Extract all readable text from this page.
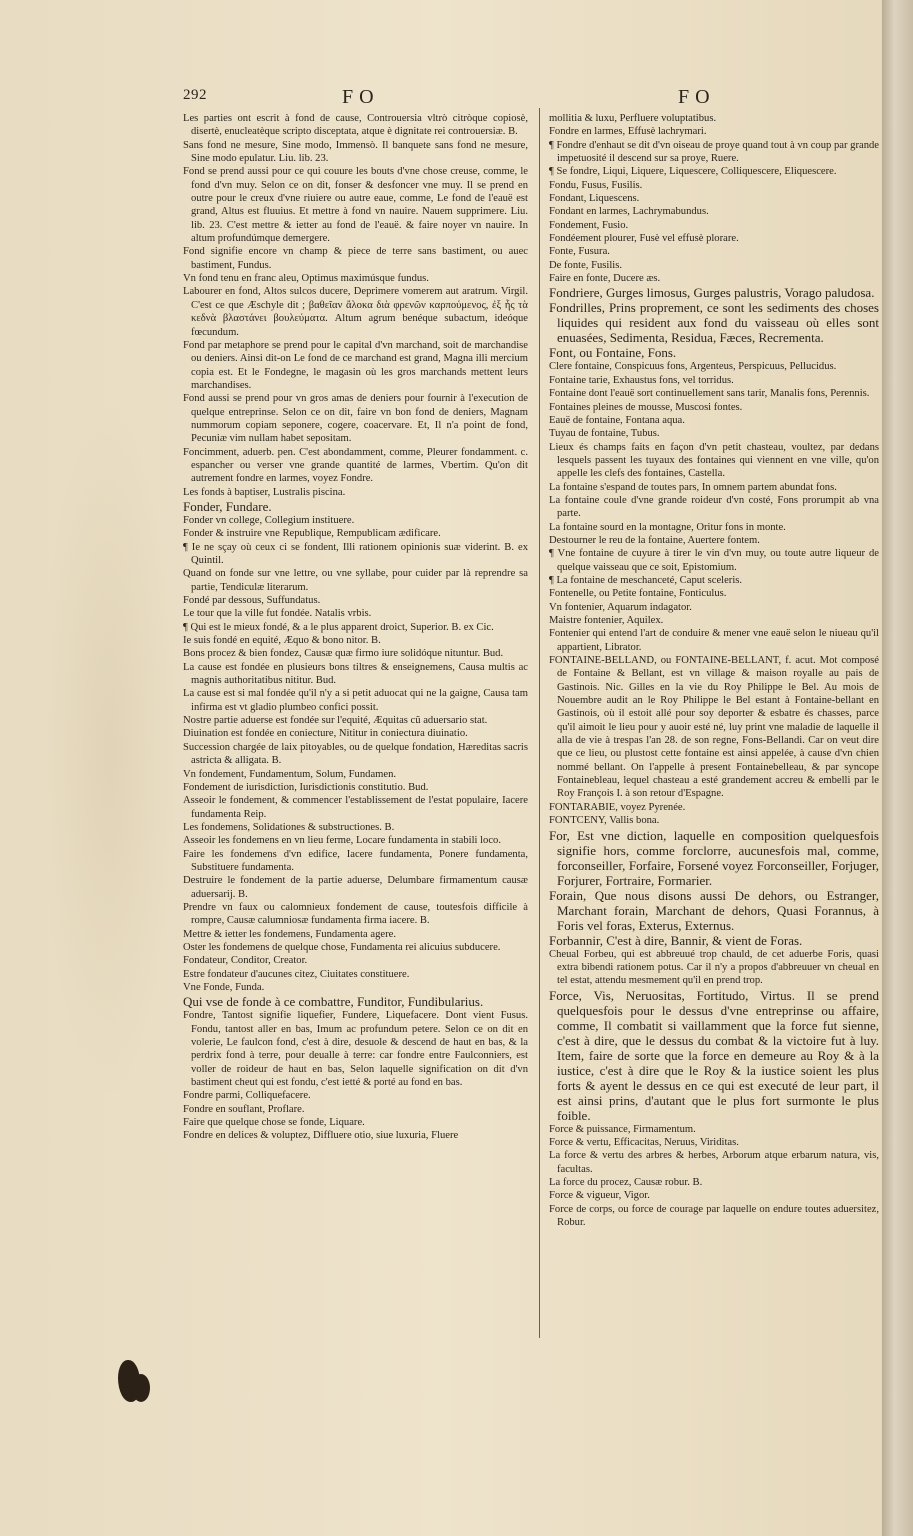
292	FO	FO

Les parties ont escrit à fond de cause, Controuersia vltrò citròque copiosè, disertè, enucleatèque scripto disceptata, atque è dignitate rei controuersiæ. B.

Sans fond ne mesure, Sine modo, Immensò. Il banquete sans fond ne mesure, Sine modo epulatur. Liu. lib. 23.

Fond se prend aussi pour ce qui couure les bouts d'vne chose creuse, comme, le fond d'vn muy. Selon ce on dit, fonser & desfoncer vne muy. Il se prend en outre pour le creux d'vne riuiere ou autre eaue, comme, Le fond de l'eauë est grand, Altus est fluuius. Et mettre à fond vn nauire. Nauem supprimere. Liu. lib. 23. C'est mettre & ietter au fond de l'eauë. & faire noyer vn nauire. In altum profundúmque demergere.

Fond signifie encore vn champ & piece de terre sans bastiment, ou auec bastiment, Fundus.

Vn fond tenu en franc aleu, Optimus maximúsque fundus.

Labourer en fond, Altos sulcos ducere, Deprimere vomerem aut aratrum. Virgil. C'est ce que Æschyle dit ; βαθεῖαν ἄλοκα διὰ φρενῶν καρπούμενος, ἐξ ἧς τὰ κεδνὰ βλαστάνει βουλεύματα. Altum agrum benéque subactum, ideóque fœcundum.

Fond par metaphore se prend pour le capital d'vn marchand, soit de marchandise ou deniers. Ainsi dit-on Le fond de ce marchand est grand, Magna illi mercium copia est. Et le Fondegne, le magasin où les gros marchands mettent leurs marchandises.

Fond aussi se prend pour vn gros amas de deniers pour fournir à l'execution de quelque entreprinse. Selon ce on dit, faire vn bon fond de deniers, Magnam nummorum copiam seponere, cogere, coacervare. Et, Il n'a point de fond, Pecuniæ vim nullam habet sepositam.

Foncimment, aduerb. pen. C'est abondamment, comme, Pleurer fondamment. c. espancher ou verser vne grande quantité de larmes, Vbertim. Qu'on dit autrement fondre en larmes, voyez Fondre.

Les fonds à baptiser, Lustralis piscina.

Fonder, Fundare.

Fonder vn college, Collegium instituere.

Fonder & instruire vne Republique, Rempublicam ædificare.

¶ Ie ne sçay où ceux ci se fondent, Illi rationem opinionis suæ viderint. B. ex Quintil.

Quand on fonde sur vne lettre, ou vne syllabe, pour cuider par là reprendre sa partie, Tendiculæ literarum.

Fondé par dessous, Suffundatus.

Le tour que la ville fut fondée. Natalis vrbis.

¶ Qui est le mieux fondé, & a le plus apparent droict, Superior. B. ex Cic.

Ie suis fondé en equité, Æquo & bono nitor. B.

Bons procez & bien fondez, Causæ quæ firmo iure solidóque nituntur. Bud.

La cause est fondée en plusieurs bons tiltres & enseignemens, Causa multis ac magnis authoritatibus nititur. Bud.

La cause est si mal fondée qu'il n'y a si petit aduocat qui ne la gaigne, Causa tam infirma est vt gladio plumbeo confici possit.

Nostre partie aduerse est fondée sur l'equité, Æquitas cũ aduersario stat.

Diuination est fondée en coniecture, Nititur in coniectura diuinatio.

Succession chargée de laix pitoyables, ou de quelque fondation, Hæreditas sacris astricta & alligata. B.

Vn fondement, Fundamentum, Solum, Fundamen.

Fondement de iurisdiction, Iurisdictionis constitutio. Bud.

Asseoir le fondement, & commencer l'establissement de l'estat populaire, Iacere fundamenta Reip.

Les fondemens, Solidationes & substructiones. B.

Asseoir les fondemens en vn lieu ferme, Locare fundamenta in stabili loco.

Faire les fondemens d'vn edifice, Iacere fundamenta, Ponere fundamenta, Substituere fundamenta.

Destruire le fondement de la partie aduerse, Delumbare firmamentum causæ aduersarij. B.

Prendre vn faux ou calomnieux fondement de cause, toutesfois difficile à rompre, Causæ calumniosæ fundamenta firma iacere. B.

Mettre & ietter les fondemens, Fundamenta agere.

Oster les fondemens de quelque chose, Fundamenta rei alicuius subducere.

Fondateur, Conditor, Creator.

Estre fondateur d'aucunes citez, Ciuitates constituere.

Vne Fonde, Funda.

Qui vse de fonde à ce combattre, Funditor, Fundibularius.

Fondre, Tantost signifie liquefier, Fundere, Liquefacere. Dont vient Fusus. Fondu, tantost aller en bas, Imum ac profundum petere. Selon ce on dit en volerie, Le faulcon fond, c'est à dire, desuole & descend de haut en bas, & la perdrix fond à terre, pour deualle à terre: car fondre entre Faulconniers, est voller de roideur de haut en bas, Selon laquelle signification on dit d'vn bastiment cheut qui est fondu, c'est ietté & porté au fond en bas.

Fondre parmi, Colliquefacere.

Fondre en souflant, Proflare.

Faire que quelque chose se fonde, Liquare.

Fondre en delices & voluptez, Diffluere otio, siue luxuria, Fluere

mollitia & luxu, Perfluere voluptatibus.

Fondre en larmes, Effusè lachrymari.

¶ Fondre d'enhaut se dit d'vn oiseau de proye quand tout à vn coup par grande impetuosité il descend sur sa proye, Ruere.

¶ Se fondre, Liqui, Liquere, Liquescere, Colliquescere, Eliquescere.

Fondu, Fusus, Fusilis.

Fondant, Liquescens.

Fondant en larmes, Lachrymabundus.

Fondement, Fusio.

Fondéement plourer, Fusè vel effusè plorare.

Fonte, Fusura.

De fonte, Fusilis.

Faire en fonte, Ducere æs.

Fondriere, Gurges limosus, Gurges palustris, Vorago paludosa.

Fondrilles, Prins proprement, ce sont les sediments des choses liquides qui resident aux fond du vaisseau où elles sont enuasées, Sedimenta, Residua, Fæces, Recrementa.

Font, ou Fontaine, Fons.

Clere fontaine, Conspicuus fons, Argenteus, Perspicuus, Pellucidus.

Fontaine tarie, Exhaustus fons, vel torridus.

Fontaine dont l'eauë sort continuellement sans tarir, Manalis fons, Perennis.

Fontaines pleines de mousse, Muscosi fontes.

Eauë de fontaine, Fontana aqua.

Tuyau de fontaine, Tubus.

Lieux és champs faits en façon d'vn petit chasteau, voultez, par dedans lesquels passent les tuyaux des fontaines qui viennent en vne ville, qu'on appelle les clefs des fontaines, Castella.

La fontaine s'espand de toutes pars, In omnem partem abundat fons.

La fontaine coule d'vne grande roideur d'vn costé, Fons prorumpit ab vna parte.

La fontaine sourd en la montagne, Oritur fons in monte.

Destourner le reu de la fontaine, Auertere fontem.

¶ Vne fontaine de cuyure à tirer le vin d'vn muy, ou toute autre liqueur de quelque vaisseau que ce soit, Epistomium.

¶ La fontaine de meschanceté, Caput sceleris.

Fontenelle, ou Petite fontaine, Fonticulus.

Vn fontenier, Aquarum indagator.

Maistre fontenier, Aquilex.

Fontenier qui entend l'art de conduire & mener vne eauë selon le niueau qu'il appartient, Librator.

FONTAINE-BELLAND, ou FONTAINE-BELLANT, f. acut. Mot composé de Fontaine & Bellant, est vn village & maison royalle au pais de Gastinois. Nic. Gilles en la vie du Roy Philippe le Bel. Au mois de Nouembre audit an le Roy Philippe le Bel estant à Fontaine-bellant en Gastinois, où il estoit allé pour soy deporter & esbatre és chasses, parce qu'il aimoit le lieu pour y auoir esté né, luy print vne maladie de laquelle il alla de vie à trespas l'an 28. de son regne, Fons-Bellandi. Car on veut dire que ce lieu, ou plustost cette fontaine est ainsi appelée, à cause d'vn chien nommé bellant. On l'appelle à present Fontainebelleau, & par syncope Fontainebleau, lequel chasteau a esté grandement accreu & embelli par le Roy François I. à son retour d'Espagne.

FONTARABIE, voyez Pyrenée.

FONTCENY, Vallis bona.

For, Est vne diction, laquelle en composition quelquesfois signifie hors, comme forclorre, aucunesfois mal, comme, forconseiller, Forfaire, Forsené voyez Forconseiller, Forjuger, Forjurer, Fortraire, Formarier.

Forain, Que nous disons aussi De dehors, ou Estranger, Marchant forain, Marchant de dehors, Quasi Forannus, à Foris vel foras, Exterus, Externus.

Forbannir, C'est à dire, Bannir, & vient de Foras.

Cheual Forbeu, qui est abbreuué trop chauld, de cet aduerbe Foris, quasi extra bibendi rationem potus. Car il n'y a propos d'abbreuuer vn cheual en tel estat, attendu mesmement qu'il en prend trop.

Force, Vis, Neruositas, Fortitudo, Virtus. Il se prend quelquesfois pour le dessus d'vne entreprinse ou affaire, comme, Il combatit si vaillamment que la force fut sienne, c'est à dire, que le dessus du combat & la victoire fut à luy. Item, faire de sorte que la force en demeure au Roy & à la iustice, c'est à dire que le Roy & la iustice soient les plus forts & ayent le dessus en ce qui est executé de leur part, il est ainsi prins, d'autant que le plus fort surmonte le plus foible.

Force & puissance, Firmamentum.

Force & vertu, Efficacitas, Neruus, Viriditas.

La force & vertu des arbres & herbes, Arborum atque erbarum natura, vis, facultas.

La force du procez, Causæ robur. B.

Force & vigueur, Vigor.

Force de corps, ou force de courage par laquelle on endure toutes aduersitez, Robur.
